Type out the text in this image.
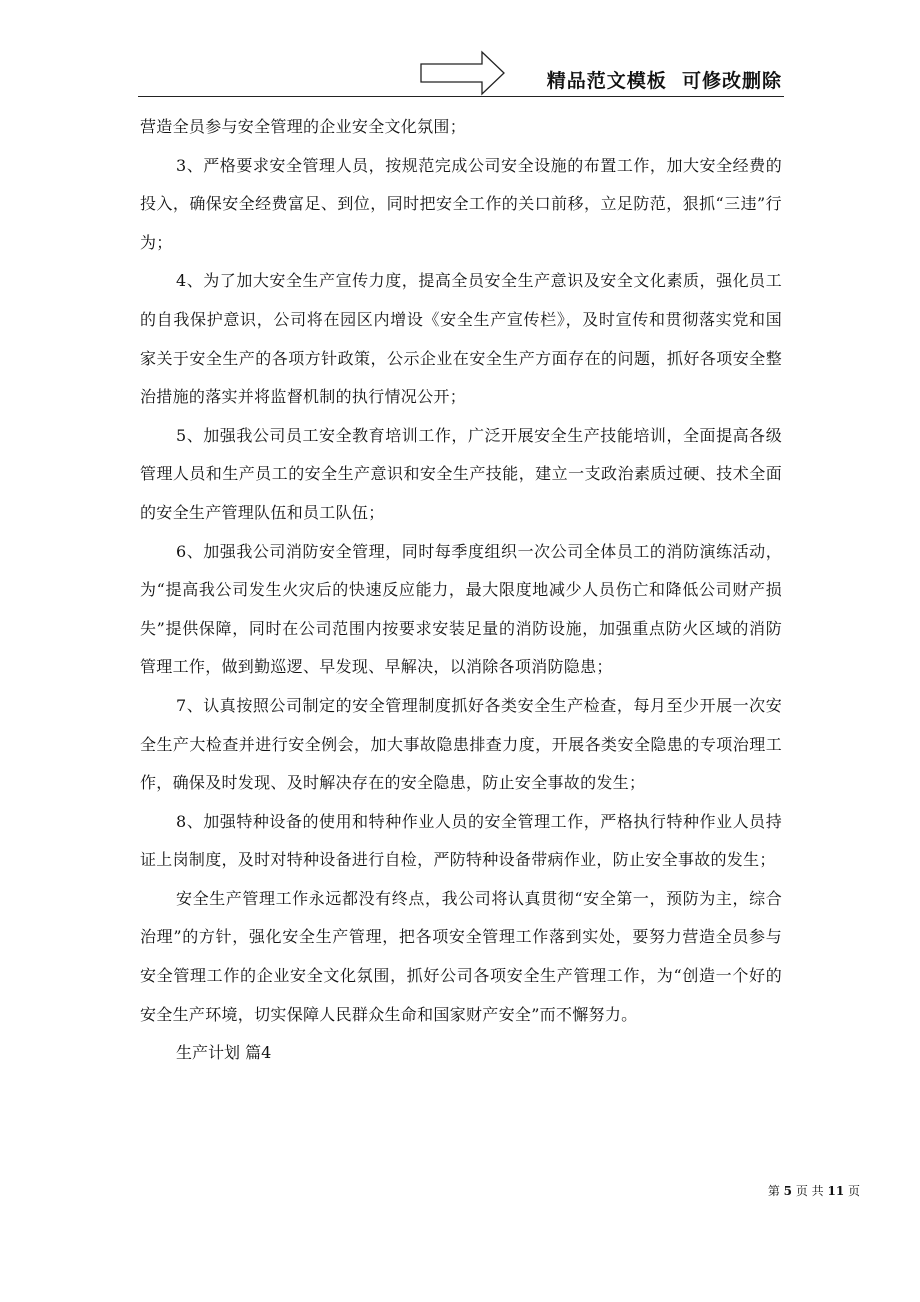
精品范文模板  可修改删除

营造全员参与安全管理的企业安全文化氛围；

3、严格要求安全管理人员，按规范完成公司安全设施的布置工作，加大安全经费的投入，确保安全经费富足、到位，同时把安全工作的关口前移，立足防范，狠抓“三违”行为；

4、为了加大安全生产宣传力度，提高全员安全生产意识及安全文化素质，强化员工的自我保护意识，公司将在园区内增设《安全生产宣传栏》，及时宣传和贯彻落实党和国家关于安全生产的各项方针政策，公示企业在安全生产方面存在的问题，抓好各项安全整治措施的落实并将监督机制的执行情况公开；

5、加强我公司员工安全教育培训工作，广泛开展安全生产技能培训，全面提高各级管理人员和生产员工的安全生产意识和安全生产技能，建立一支政治素质过硬、技术全面的安全生产管理队伍和员工队伍；

6、加强我公司消防安全管理，同时每季度组织一次公司全体员工的消防演练活动，为“提高我公司发生火灾后的快速反应能力，最大限度地减少人员伤亡和降低公司财产损失”提供保障，同时在公司范围内按要求安装足量的消防设施，加强重点防火区域的消防管理工作，做到勤巡逻、早发现、早解决，以消除各项消防隐患；

7、认真按照公司制定的安全管理制度抓好各类安全生产检查，每月至少开展一次安全生产大检查并进行安全例会，加大事故隐患排查力度，开展各类安全隐患的专项治理工作，确保及时发现、及时解决存在的安全隐患，防止安全事故的发生；

8、加强特种设备的使用和特种作业人员的安全管理工作，严格执行特种作业人员持证上岗制度，及时对特种设备进行自检，严防特种设备带病作业，防止安全事故的发生；

安全生产管理工作永远都没有终点，我公司将认真贯彻“安全第一，预防为主，综合治理”的方针，强化安全生产管理，把各项安全管理工作落到实处，要努力营造全员参与安全管理工作的企业安全文化氛围，抓好公司各项安全生产管理工作，为“创造一个好的安全生产环境，切实保障人民群众生命和国家财产安全”而不懈努力。

生产计划 篇4

第 5 页 共 11 页
